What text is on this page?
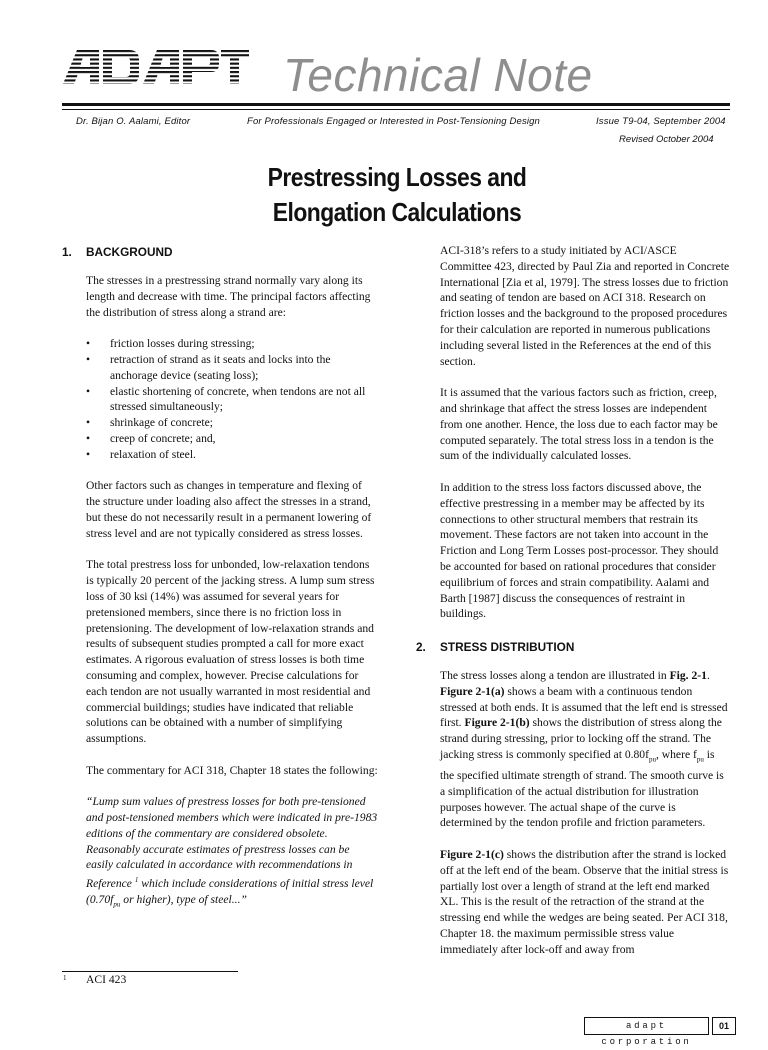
Technical Note
Dr. Bijan O. Aalami, Editor	For Professionals Engaged or Interested in Post-Tensioning Design	Issue T9-04, September 2004
Revised October 2004
Prestressing Losses and
Elongation Calculations
1. BACKGROUND
The stresses in a prestressing strand normally vary along its length and decrease with time. The principal factors affecting the distribution of stress along a strand are:
• friction losses during stressing;
• retraction of strand as it seats and locks into the anchorage device (seating loss);
• elastic shortening of concrete, when tendons are not all stressed simultaneously;
• shrinkage of concrete;
• creep of concrete; and,
• relaxation of steel.
Other factors such as changes in temperature and flexing of the structure under loading also affect the stresses in a strand, but these do not necessarily result in a permanent lowering of stress level and are not typically considered as stress losses.
The total prestress loss for unbonded, low-relaxation tendons is typically 20 percent of the jacking stress. A lump sum stress loss of 30 ksi (14%) was assumed for several years for pretensioned members, since there is no friction loss in pretensioning. The development of low-relaxation strands and results of subsequent studies prompted a call for more exact estimates. A rigorous evaluation of stress losses is both time consuming and complex, however. Precise calculations for each tendon are not usually warranted in most residential and commercial buildings; studies have indicated that reliable solutions can be obtained with a number of simplifying assumptions.
The commentary for ACI 318, Chapter 18 states the following:
“Lump sum values of prestress losses for both pre-tensioned and post-tensioned members which were indicated in pre-1983 editions of the commentary are considered obsolete. Reasonably accurate estimates of prestress losses can be easily calculated in accordance with recommendations in Reference $^1$ which include considerations of initial stress level ($0.70f_{pu}$ or higher), type of steel...”
1 ACI 423
ACI-318’s refers to a study initiated by ACI/ASCE Committee 423, directed by Paul Zia and reported in Concrete International [Zia et al, 1979]. The stress losses due to friction and seating of tendon are based on ACI 318. Research on friction losses and the background to the proposed procedures for their calculation are reported in numerous publications including several listed in the References at the end of this section.
It is assumed that the various factors such as friction, creep, and shrinkage that affect the stress losses are independent from one another. Hence, the loss due to each factor may be computed separately. The total stress loss in a tendon is the sum of the individually calculated losses.
In addition to the stress loss factors discussed above, the effective prestressing in a member may be affected by its connections to other structural members that restrain its movement. These factors are not taken into account in the Friction and Long Term Losses post-processor. They should be accounted for based on rational procedures that consider equilibrium of forces and strain compatibility. Aalami and Barth [1987] discuss the consequences of restraint in buildings.
2. STRESS DISTRIBUTION
The stress losses along a tendon are illustrated in Fig. 2-1. Figure 2-1(a) shows a beam with a continuous tendon stressed at both ends. It is assumed that the left end is stressed first. Figure 2-1(b) shows the distribution of stress along the strand during stressing, prior to locking off the strand. The jacking stress is commonly specified at $0.80f_{pu}$, where $f_{pu}$ is the specified ultimate strength of strand. The smooth curve is a simplification of the actual distribution for illustration purposes however. The actual shape of the curve is determined by the tendon profile and friction parameters.
Figure 2-1(c) shows the distribution after the strand is locked off at the left end of the beam. Observe that the initial stress is partially lost over a length of strand at the left end marked XL. This is the result of the retraction of the strand at the stressing end while the wedges are being seated. Per ACI 318, Chapter 18. the maximum permissible stress value immediately after lock-off and away from
adapt corporation
01
